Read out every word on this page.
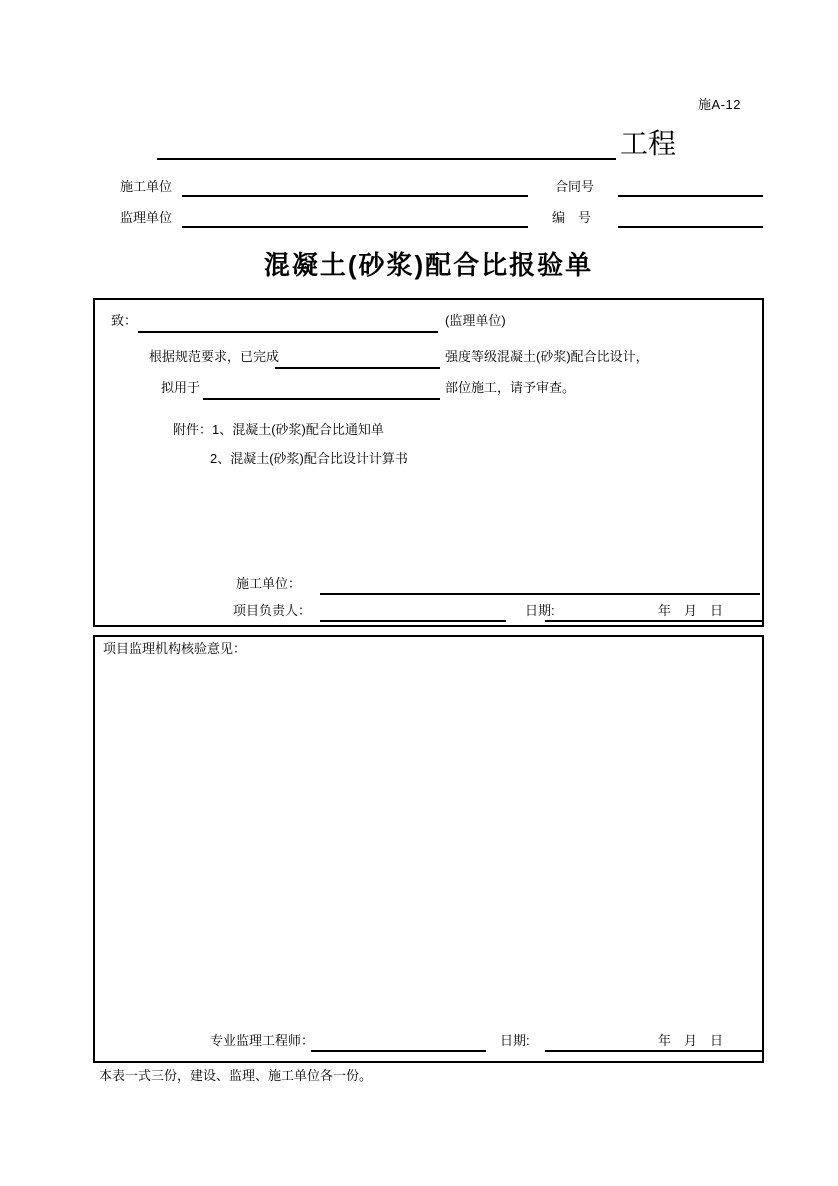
施A-12
工程
施工单位	合同号
监理单位	编　号
混凝土(砂浆)配合比报验单
致：	(监理单位)
根据规范要求，已完成	强度等级混凝土(砂浆)配合比设计，
拟用于	部位施工，请予审查。
附件：1、混凝土(砂浆)配合比通知单
2、混凝土(砂浆)配合比设计计算书
施工单位：
项目负责人：	日期:	年　月　日
项目监理机构核验意见：
专业监理工程师：	日期:	年　月　日
本表一式三份，建设、监理、施工单位各一份。
